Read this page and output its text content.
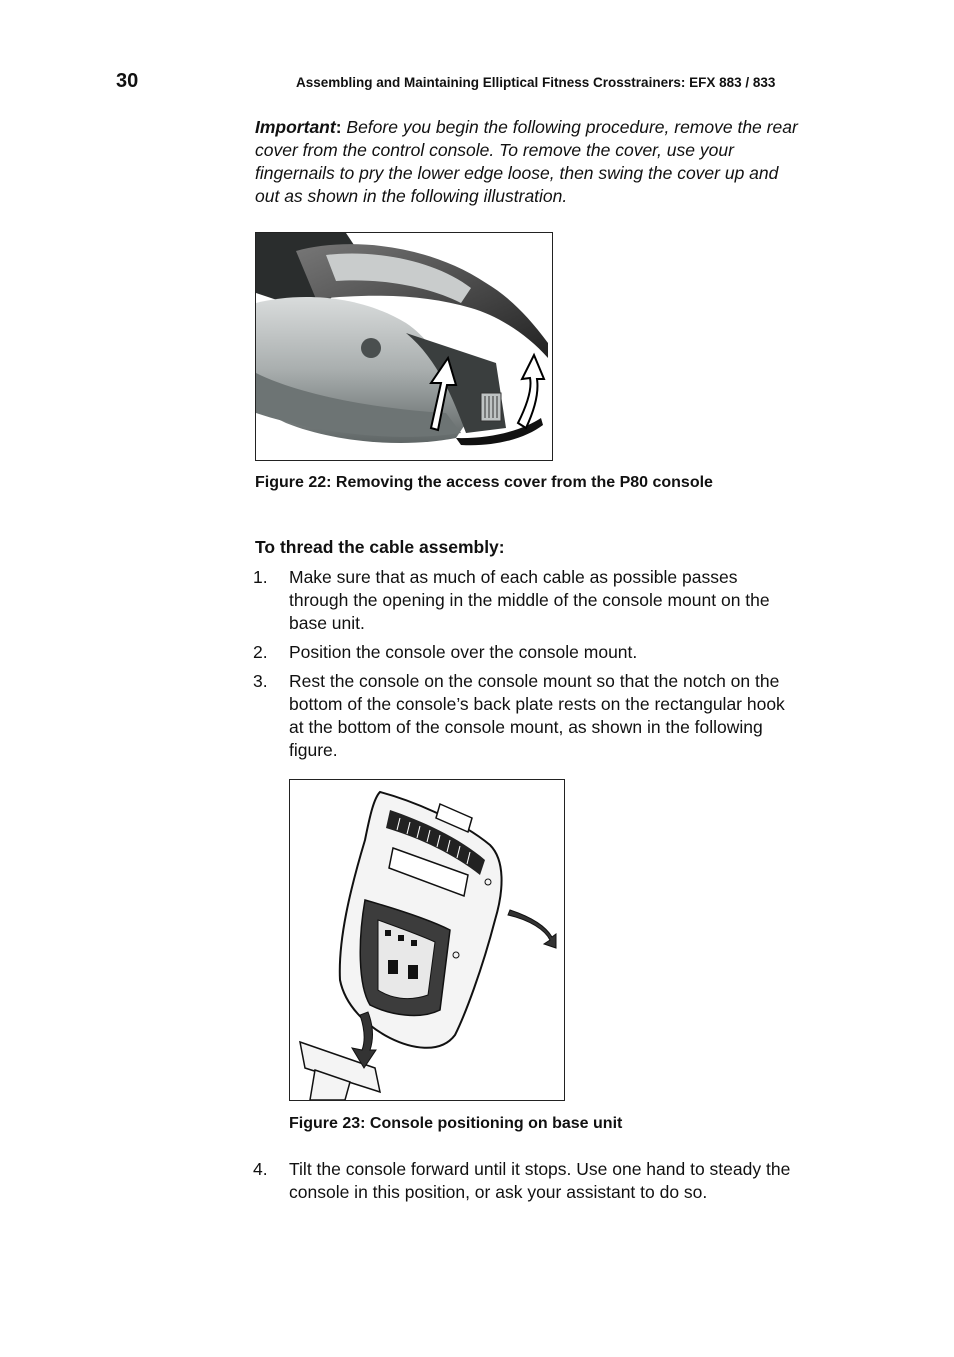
30	Assembling and Maintaining Elliptical Fitness Crosstrainers: EFX 883 / 833

Important: Before you begin the following procedure, remove the rear cover from the control console. To remove the cover, use your fingernails to pry the lower edge loose, then swing the cover up and out as shown in the following illustration.

Figure 22: Removing the access cover from the P80 console
To thread the cable assembly:
1. Make sure that as much of each cable as possible passes through the opening in the middle of the console mount on the base unit.
2. Position the console over the console mount.
3. Rest the console on the console mount so that the notch on the bottom of the console’s back plate rests on the rectangular hook at the bottom of the console mount, as shown in the following figure.
Figure 23: Console positioning on base unit
4. Tilt the console forward until it stops. Use one hand to steady the console in this position, or ask your assistant to do so.
